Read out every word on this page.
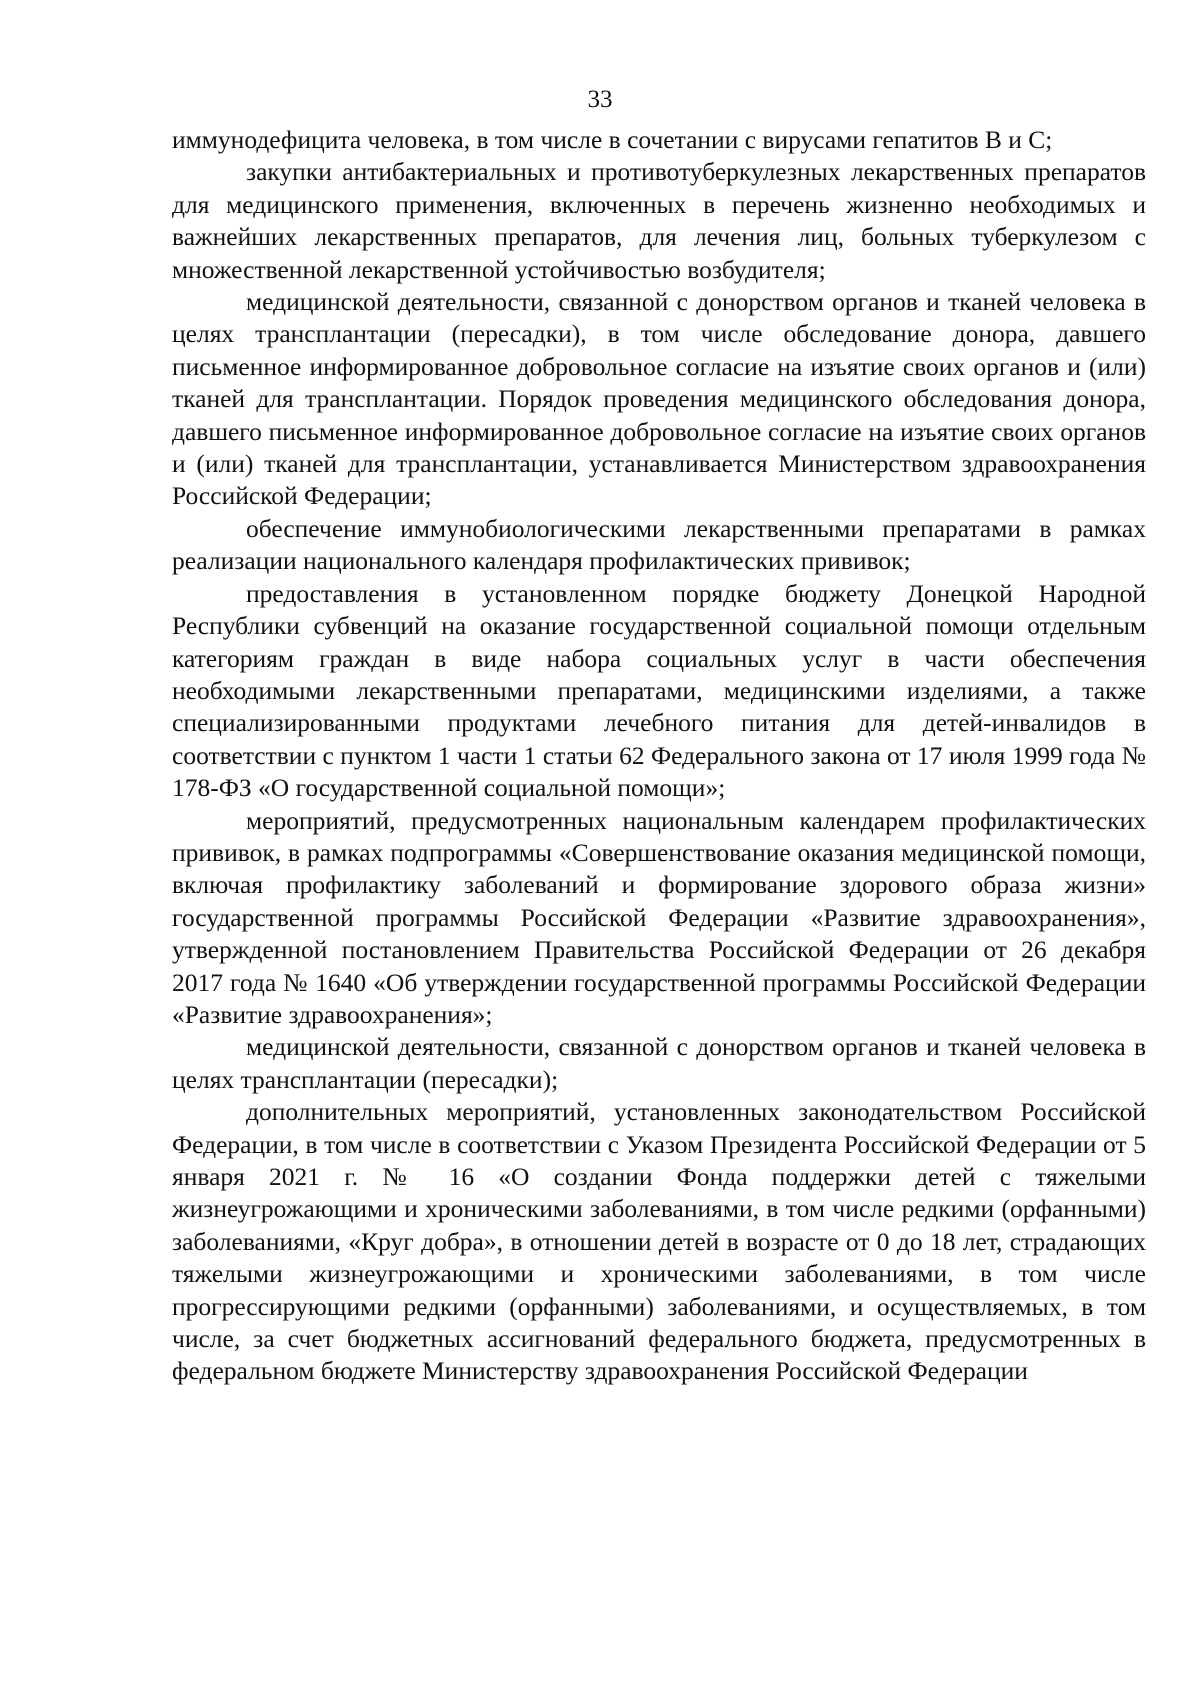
33

иммунодефицита человека, в том числе в сочетании с вирусами гепатитов В и С;

закупки антибактериальных и противотуберкулезных лекарственных препаратов для медицинского применения, включенных в перечень жизненно необходимых и важнейших лекарственных препаратов, для лечения лиц, больных туберкулезом с множественной лекарственной устойчивостью возбудителя;

медицинской деятельности, связанной с донорством органов и тканей человека в целях трансплантации (пересадки), в том числе обследование донора, давшего письменное информированное добровольное согласие на изъятие своих органов и (или) тканей для трансплантации. Порядок проведения медицинского обследования донора, давшего письменное информированное добровольное согласие на изъятие своих органов и (или) тканей для трансплантации, устанавливается Министерством здравоохранения Российской Федерации;

обеспечение иммунобиологическими лекарственными препаратами в рамках реализации национального календаря профилактических прививок;

предоставления в установленном порядке бюджету Донецкой Народной Республики субвенций на оказание государственной социальной помощи отдельным категориям граждан в виде набора социальных услуг в части обеспечения необходимыми лекарственными препаратами, медицинскими изделиями, а также специализированными продуктами лечебного питания для детей-инвалидов в соответствии с пунктом 1 части 1 статьи 62 Федерального закона от 17 июля 1999 года № 178-ФЗ «О государственной социальной помощи»;

мероприятий, предусмотренных национальным календарем профилактических прививок, в рамках подпрограммы «Совершенствование оказания медицинской помощи, включая профилактику заболеваний и формирование здорового образа жизни» государственной программы Российской Федерации «Развитие здравоохранения», утвержденной постановлением Правительства Российской Федерации от 26 декабря 2017 года № 1640 «Об утверждении государственной программы Российской Федерации «Развитие здравоохранения»;

медицинской деятельности, связанной с донорством органов и тканей человека в целях трансплантации (пересадки);

дополнительных мероприятий, установленных законодательством Российской Федерации, в том числе в соответствии с Указом Президента Российской Федерации от 5 января 2021 г. № 16 «О создании Фонда поддержки детей с тяжелыми жизнеугрожающими и хроническими заболеваниями, в том числе редкими (орфанными) заболеваниями, «Круг добра», в отношении детей в возрасте от 0 до 18 лет, страдающих тяжелыми жизнеугрожающими и хроническими заболеваниями, в том числе прогрессирующими редкими (орфанными) заболеваниями, и осуществляемых, в том числе, за счет бюджетных ассигнований федерального бюджета, предусмотренных в федеральном бюджете Министерству здравоохранения Российской Федерации
